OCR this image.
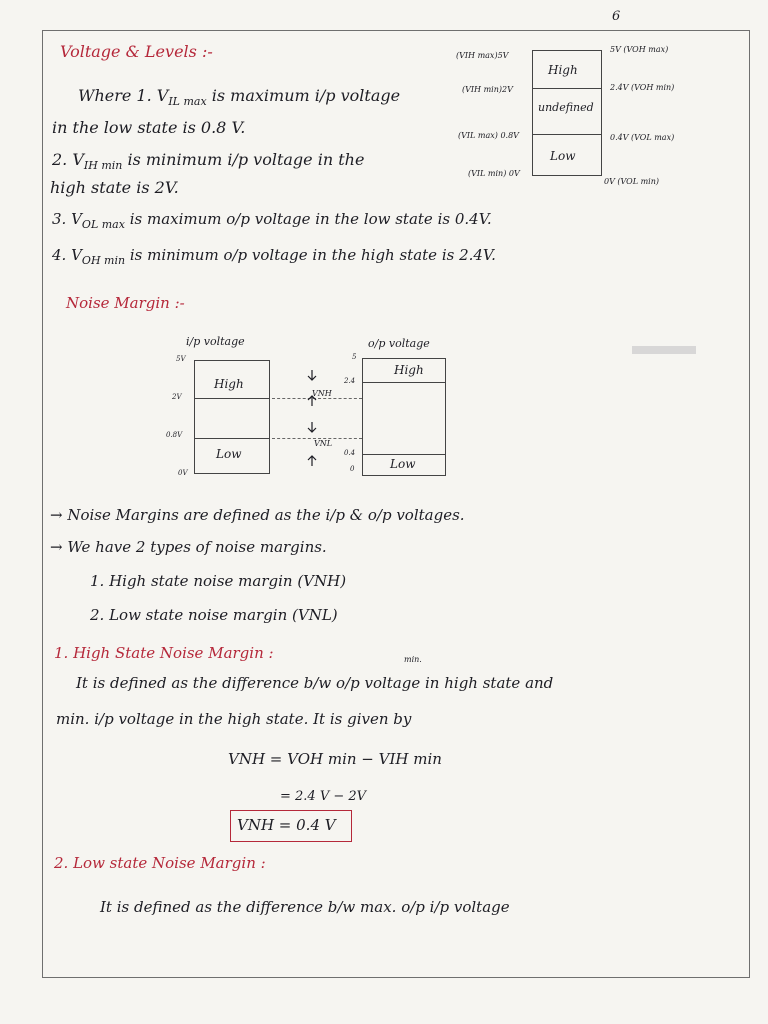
6
Voltage & Levels :-
Where 1. $V_{IL max}$ is maximum i/p voltage
in the low state is 0.8 V.
2. $V_{IH min}$ is minimum i/p voltage in the
high state is 2V.
3. $V_{OL max}$ is maximum o/p voltage in the low state is 0.4V.
4. $V_{OH min}$ is minimum o/p voltage in the high state is 2.4V.
High
undefined
Low
(VIH max)5V
(VIH min)2V
(VIL max) 0.8V
(VIL min) 0V
5V (VOH max)
2.4V (VOH min)
0.4V (VOL max)
0V (VOL min)
Noise Margin :-
i/p voltage	o/p voltage
High
Low
5V
2V
0.8V
0V
High
Low
5
2.4
0.4
0
VNH
VNL
→ Noise Margins are defined as the i/p & o/p voltages.
→ We have 2 types of noise margins.
1. High state noise margin (VNH)
2. Low state noise margin (VNL)
1. High State Noise Margin :	min.
It is defined as the difference b/w o/p voltage in high state and
min. i/p voltage in the high state. It is given by
VNH = VOH min − VIH min
= 2.4 V − 2V
VNH = 0.4 V
2. Low state Noise Margin :
It is defined as the difference b/w max. o/p i/p voltage
